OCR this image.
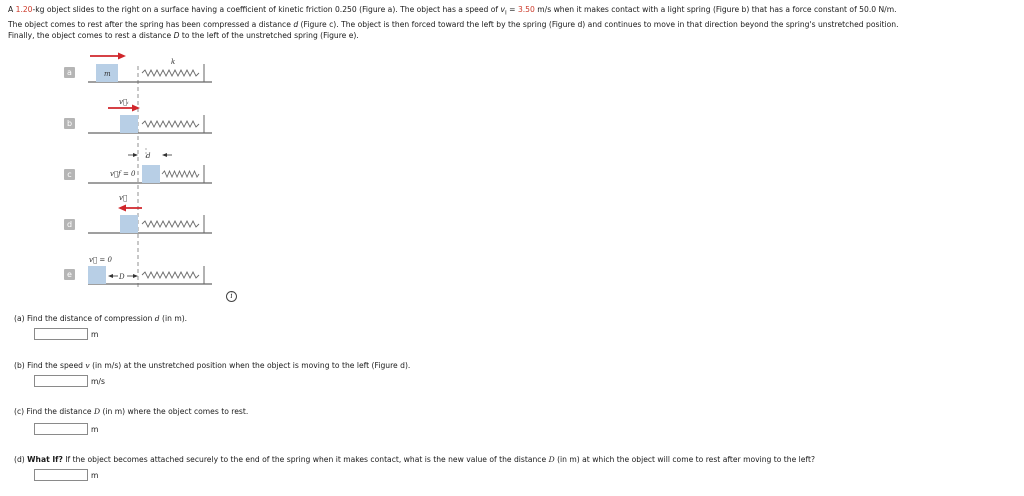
A 1.20-kg object slides to the right on a surface having a coefficient of kinetic friction 0.250 (Figure a). The object has a speed of $v_i = 3.50$ m/s when it makes contact with a light spring (Figure b) that has a force constant of 50.0 N/m.

The object comes to rest after the spring has been compressed a distance d (Figure c). The object is then forced toward the left by the spring (Figure d) and continues to move in that direction beyond the spring's unstretched position.

Finally, the object comes to rest a distance D to the left of the unstretched spring (Figure e).

m
k
v⃗ᵢ
d
v⃗f = 0
v⃗
v⃗ = 0
D
a
b
c
d
e
i
(a) Find the distance of compression d (in m).
m
(b) Find the speed v (in m/s) at the unstretched position when the object is moving to the left (Figure d).
m/s
(c) Find the distance D (in m) where the object comes to rest.
m
(d) What If? If the object becomes attached securely to the end of the spring when it makes contact, what is the new value of the distance D (in m) at which the object will come to rest after moving to the left?
m
